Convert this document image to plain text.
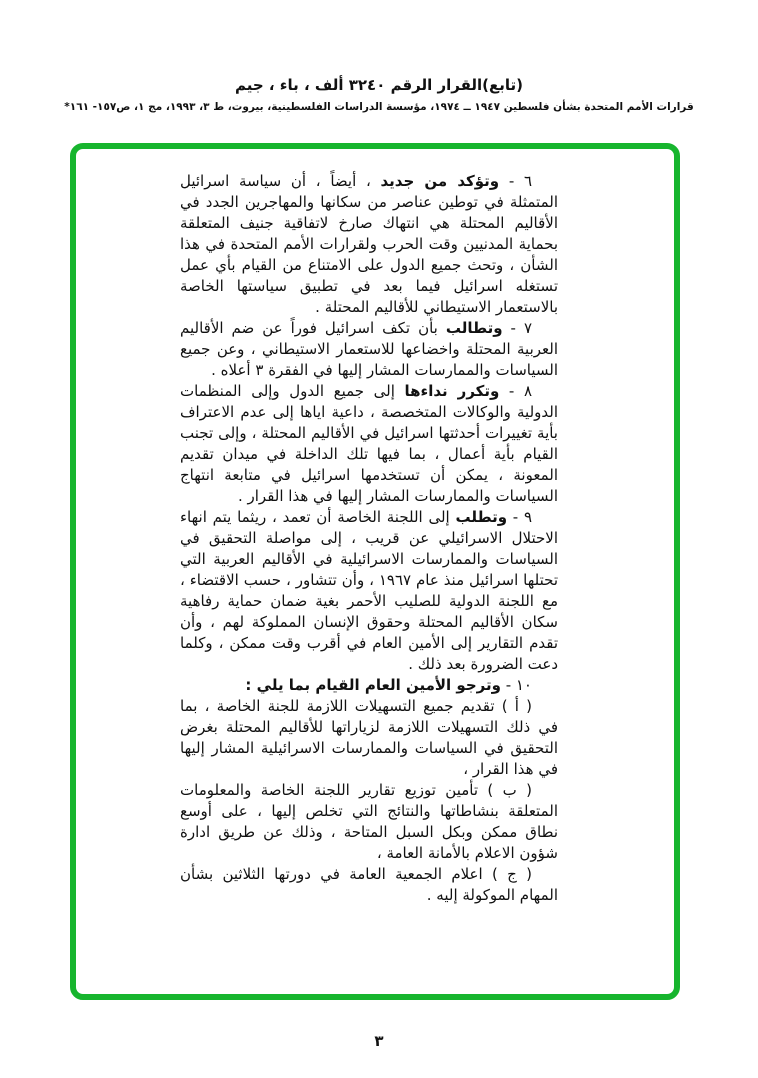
(تابع)القرار الرقم ٣٢٤٠ ألف ، باء ، جيم
قرارات الأمم المتحدة بشأن فلسطين ١٩٤٧ ــ ١٩٧٤، مؤسسة الدراسات الفلسطينية، بيروت، ط ٣، ١٩٩٣، مج ١، ص١٥٧- ١٦١*
٦ - وتؤكد من جديد ، أيضاً ، أن سياسة اسرائيل المتمثلة في توطين عناصر من سكانها والمهاجرين الجدد في الأقاليم المحتلة هي انتهاك صارخ لاتفاقية جنيف المتعلقة بحماية المدنيين وقت الحرب ولقرارات الأمم المتحدة في هذا الشأن ، وتحث جميع الدول على الامتناع من القيام بأي عمل تستغله اسرائيل فيما بعد في تطبيق سياستها الخاصة بالاستعمار الاستيطاني للأقاليم المحتلة .
٧ - وتطالب بأن تكف اسرائيل فوراً عن ضم الأقاليم العربية المحتلة واخضاعها للاستعمار الاستيطاني ، وعن جميع السياسات والممارسات المشار إليها في الفقرة ٣ أعلاه .
٨ - وتكرر نداءها إلى جميع الدول وإلى المنظمات الدولية والوكالات المتخصصة ، داعية اياها إلى عدم الاعتراف بأية تغييرات أحدثتها اسرائيل في الأقاليم المحتلة ، وإلى تجنب القيام بأية أعمال ، بما فيها تلك الداخلة في ميدان تقديم المعونة ، يمكن أن تستخدمها اسرائيل في متابعة انتهاج السياسات والممارسات المشار إليها في هذا القرار .
٩ - وتطلب إلى اللجنة الخاصة أن تعمد ، ريثما يتم انهاء الاحتلال الاسرائيلي عن قريب ، إلى مواصلة التحقيق في السياسات والممارسات الاسرائيلية في الأقاليم العربية التي تحتلها اسرائيل منذ عام ١٩٦٧ ، وأن تتشاور ، حسب الاقتضاء ، مع اللجنة الدولية للصليب الأحمر بغية ضمان حماية رفاهية سكان الأقاليم المحتلة وحقوق الإنسان المملوكة لهم ، وأن تقدم التقارير إلى الأمين العام في أقرب وقت ممكن ، وكلما دعت الضرورة بعد ذلك .
١٠ - وترجو الأمين العام القيام بما يلي :
( أ ) تقديم جميع التسهيلات اللازمة للجنة الخاصة ، بما في ذلك التسهيلات اللازمة لزياراتها للأقاليم المحتلة بغرض التحقيق في السياسات والممارسات الاسرائيلية المشار إليها في هذا القرار ،
( ب ) تأمين توزيع تقارير اللجنة الخاصة والمعلومات المتعلقة بنشاطاتها والنتائج التي تخلص إليها ، على أوسع نطاق ممكن وبكل السبل المتاحة ، وذلك عن طريق ادارة شؤون الاعلام بالأمانة العامة ،
( ج ) اعلام الجمعية العامة في دورتها الثلاثين بشأن المهام الموكولة إليه .
٣
